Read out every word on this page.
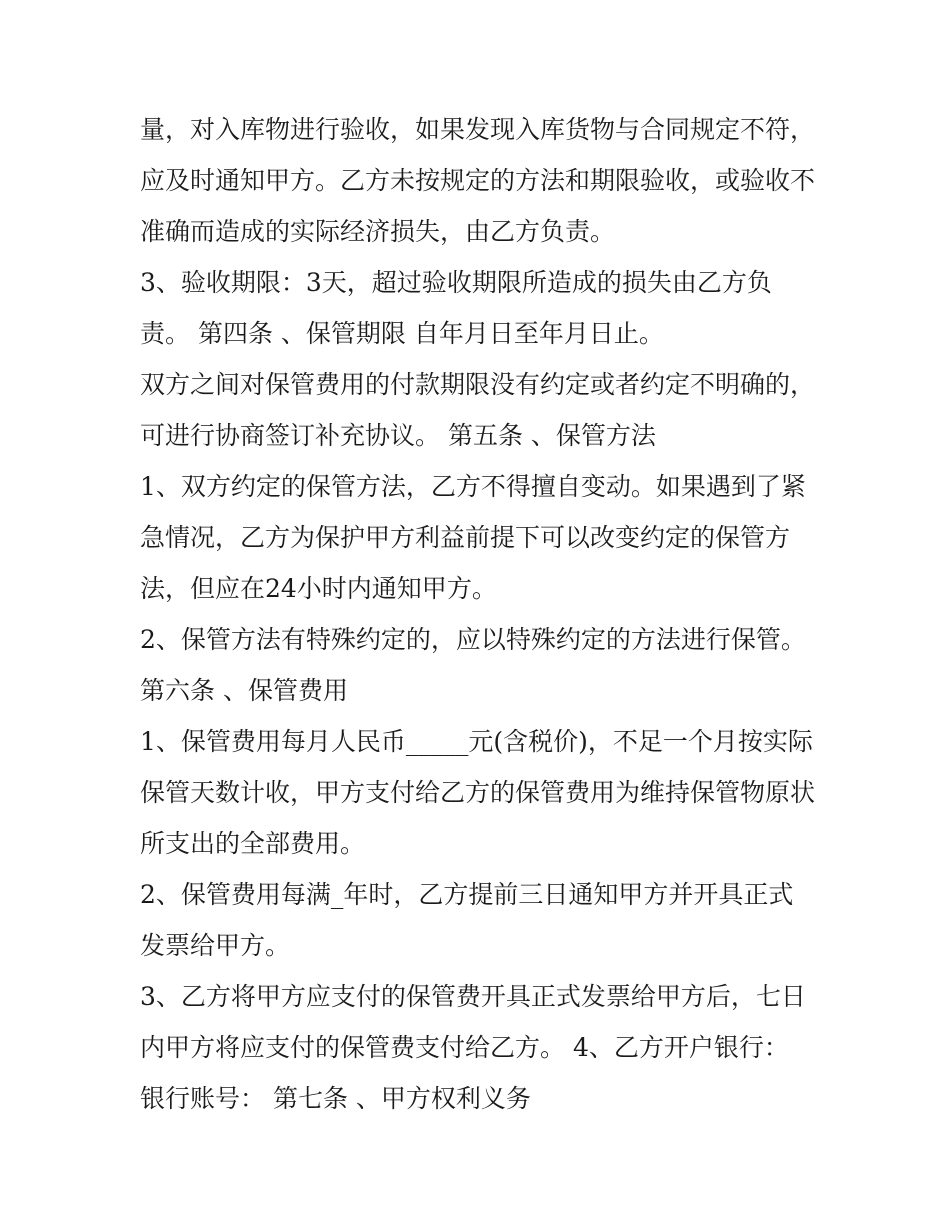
量，对入库物进行验收，如果发现入库货物与合同规定不符，

应及时通知甲方。乙方未按规定的方法和期限验收，或验收不

准确而造成的实际经济损失，由乙方负责。

3、验收期限：3天，超过验收期限所造成的损失由乙方负

责。 第四条 、保管期限 自年月日至年月日止。

双方之间对保管费用的付款期限没有约定或者约定不明确的，

可进行协商签订补充协议。 第五条 、保管方法

1、双方约定的保管方法，乙方不得擅自变动。如果遇到了紧

急情况，乙方为保护甲方利益前提下可以改变约定的保管方

法，但应在24小时内通知甲方。

2、保管方法有特殊约定的，应以特殊约定的方法进行保管。

第六条 、保管费用

1、保管费用每月人民币_____元(含税价)，不足一个月按实际

保管天数计收，甲方支付给乙方的保管费用为维持保管物原状

所支出的全部费用。

2、保管费用每满_年时，乙方提前三日通知甲方并开具正式

发票给甲方。

3、乙方将甲方应支付的保管费开具正式发票给甲方后，七日

内甲方将应支付的保管费支付给乙方。 4、乙方开户银行：

银行账号： 第七条 、甲方权利义务
